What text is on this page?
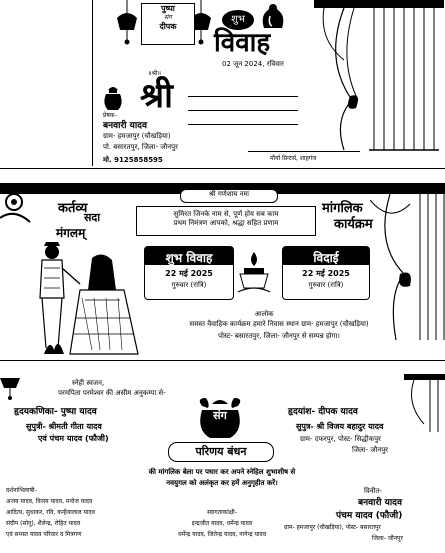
पुष्पा
संग
दीपक
शुभ
विवाह
02 जून 2024, रविवार
॥श्री॥
श्री
प्रेषक-
बनवारी यादव
ग्राम- हमजापुर (चौखड़िया)
पो. बसारतपुर, जिला- जौनपुर
मो. 9125858595	मौर्या प्रिन्टर्स, शाहगंज
कर्तव्य
सदा
मंगलम्
श्री गणेशाय नमः
सुमिरत जिनके नाम से, पूर्ण होय सब काम
प्रथम निमंत्रण आपको, श्रद्धा सहित प्रणाम
मांगलिक
कार्यक्रम
शुभ विवाह
22 मई 2025
गुरुवार (रात्रि)
विदाई
22 मई 2025
गुरुवार (रात्रि)
आलोक
समस्त वैवाहिक कार्यक्रम हमारे निवास स्थान ग्राम- हमजापुर (चौखड़िया)
पोस्ट- बसारतपुर, जिला- जौनपुर से सम्पन्न होगा।
स्नेही स्वजन,
परमपिता परमेश्वर की असीम अनुकम्पा से-
हृदयकणिका- पुष्पा यादव
सुपुत्री- श्रीमती गीता यादव
एवं पंचम यादव (फौजी)
संग
परिणय बंधन
हृदयांश- दीपक यादव
सुपुत्र- श्री विजय बहादुर यादव
ग्राम- दफरपुर, पोस्ट- सिद्धीकपुर
जिला- जौनपुर
की मांगलिक बेला पर पधार कर अपने स्नेहिल शुभाशीष से
नवयुगल को अलंकृत कर हमें अनुगृहीत करें।
दर्शनाभिलाषी-
अजय यादव, विजय यादव, मनोज यादव
आदित्य, सुधाकर, रवि, कन्हैयालाल यादव
संदीप (सोनू), शैलेन्द्र, रोहित यादव
एवं समस्त यादव परिवार व मित्रगण
स्वागताकांक्षी-
इन्द्रजीत यादव, धर्मेन्द्र यादव
धर्मेन्द्र यादव, जितेन्द्र यादव, नागेन्द्र यादव
विनीत-
बनवारी यादव
पंचम यादव (फौजी)
ग्राम- हमजापुर (चौखड़िया), पोस्ट- बसारतपुर
जिला- जौनपुर
